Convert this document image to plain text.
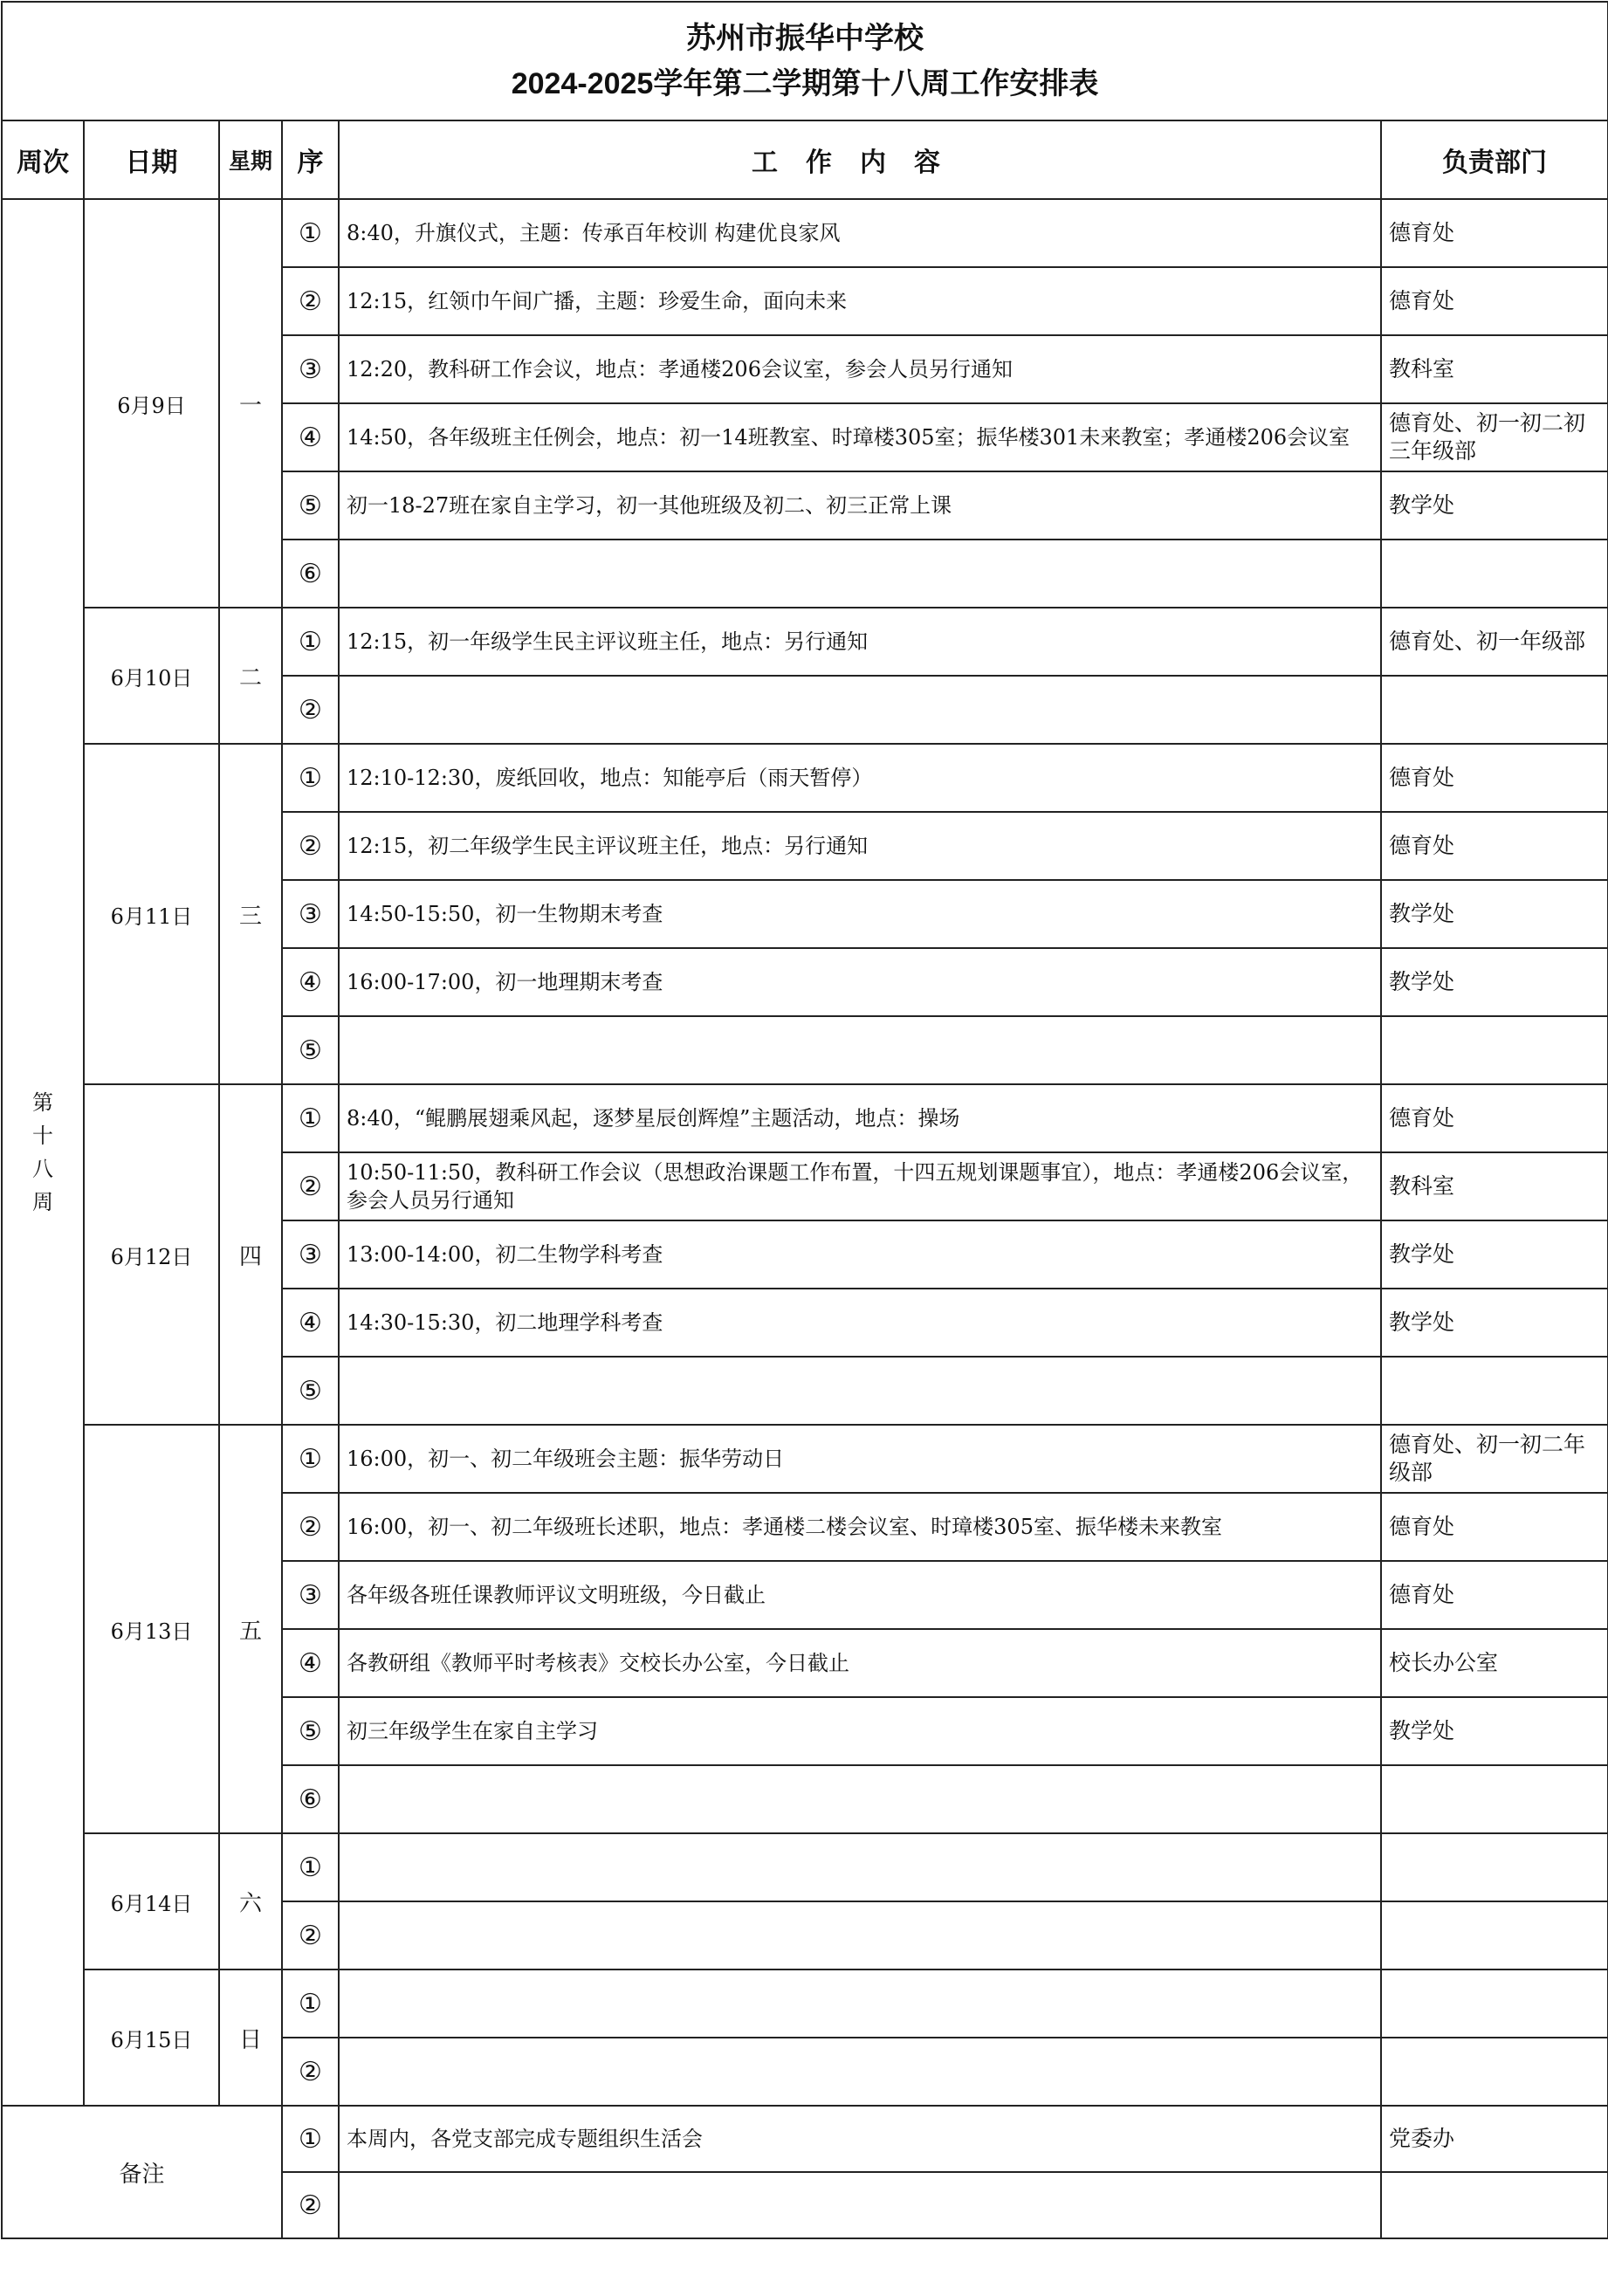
苏州市振华中学校
2024-2025学年第二学期第十八周工作安排表					

周次	日期	星期	序	工作内容	负责部门
第十八周	6月9日	一	①	8:40，升旗仪式，主题：传承百年校训 构建优良家风	德育处
			②	12:15，红领巾午间广播，主题：珍爱生命，面向未来	德育处
			③	12:20，教科研工作会议，地点：孝通楼206会议室，参会人员另行通知	教科室
			④	14:50，各年级班主任例会，地点：初一14班教室、时璋楼305室；振华楼301未来教室；孝通楼206会议室	德育处、初一初二初三年级部
			⑤	初一18-27班在家自主学习，初一其他班级及初二、初三正常上课	教学处
			⑥		
	6月10日	二	①	12:15，初一年级学生民主评议班主任，地点：另行通知	德育处、初一年级部
			②		
	6月11日	三	①	12:10-12:30，废纸回收，地点：知能亭后（雨天暂停）	德育处
			②	12:15，初二年级学生民主评议班主任，地点：另行通知	德育处
			③	14:50-15:50，初一生物期末考查	教学处
			④	16:00-17:00，初一地理期末考查	教学处
			⑤		
	6月12日	四	①	8:40，“鲲鹏展翅乘风起，逐梦星辰创辉煌”主题活动，地点：操场	德育处
			②	10:50-11:50，教科研工作会议（思想政治课题工作布置，十四五规划课题事宜），地点：孝通楼206会议室，参会人员另行通知	教科室
			③	13:00-14:00，初二生物学科考查	教学处
			④	14:30-15:30，初二地理学科考查	教学处
			⑤		
	6月13日	五	①	16:00，初一、初二年级班会主题：振华劳动日	德育处、初一初二年级部
			②	16:00，初一、初二年级班长述职，地点：孝通楼二楼会议室、时璋楼305室、振华楼未来教室	德育处
			③	各年级各班任课教师评议文明班级，今日截止	德育处
			④	各教研组《教师平时考核表》交校长办公室，今日截止	校长办公室
			⑤	初三年级学生在家自主学习	教学处
			⑥		
	6月14日	六	①		
			②		
	6月15日	日	①		
			②		
备注			①	本周内，各党支部完成专题组织生活会	党委办
			②		
